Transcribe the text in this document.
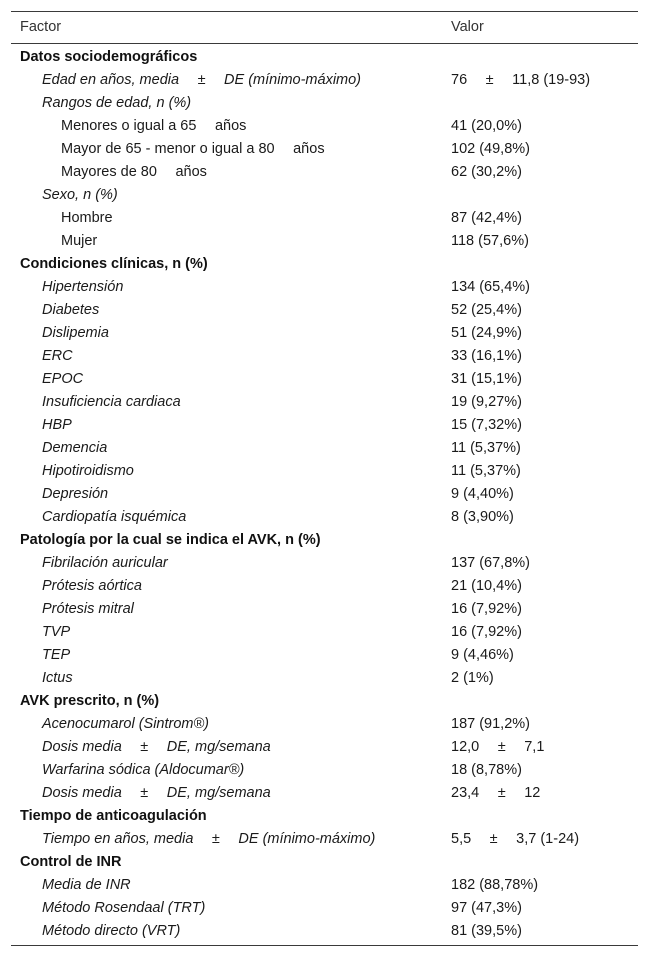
Factor

	Valor

Datos sociodemográficos
Edad en años, media  ±  DE (mínimo-máximo)	76  ±  11,8 (19-93)
Rangos de edad, n (%)
Menores o igual a 65  años	41 (20,0%)
Mayor de 65 - menor o igual a 80  años	102 (49,8%)
Mayores de 80  años	62 (30,2%)
Sexo, n (%)
Hombre	87 (42,4%)
Mujer	118 (57,6%)
Condiciones clínicas, n (%)
Hipertensión	134 (65,4%)
Diabetes	52 (25,4%)
Dislipemia	51 (24,9%)
ERC	33 (16,1%)
EPOC	31 (15,1%)
Insuficiencia cardiaca	19 (9,27%)
HBP	15 (7,32%)
Demencia	11 (5,37%)
Hipotiroidismo	11 (5,37%)
Depresión	9 (4,40%)
Cardiopatía isquémica	8 (3,90%)
Patología por la cual se indica el AVK, n (%)
Fibrilación auricular	137 (67,8%)
Prótesis aórtica	21 (10,4%)
Prótesis mitral	16 (7,92%)
TVP	16 (7,92%)
TEP	9 (4,46%)
Ictus	2 (1%)
AVK prescrito, n (%)
Acenocumarol (Sintrom®)	187 (91,2%)
Dosis media  ±  DE, mg/semana	12,0  ±  7,1
Warfarina sódica (Aldocumar®)	18 (8,78%)
Dosis media  ±  DE, mg/semana	23,4  ±  12
Tiempo de anticoagulación
Tiempo en años, media  ±  DE (mínimo-máximo)	5,5  ±  3,7 (1-24)
Control de INR
Media de INR	182 (88,78%)
Método Rosendaal (TRT)	97 (47,3%)
Método directo (VRT)	81 (39,5%)
